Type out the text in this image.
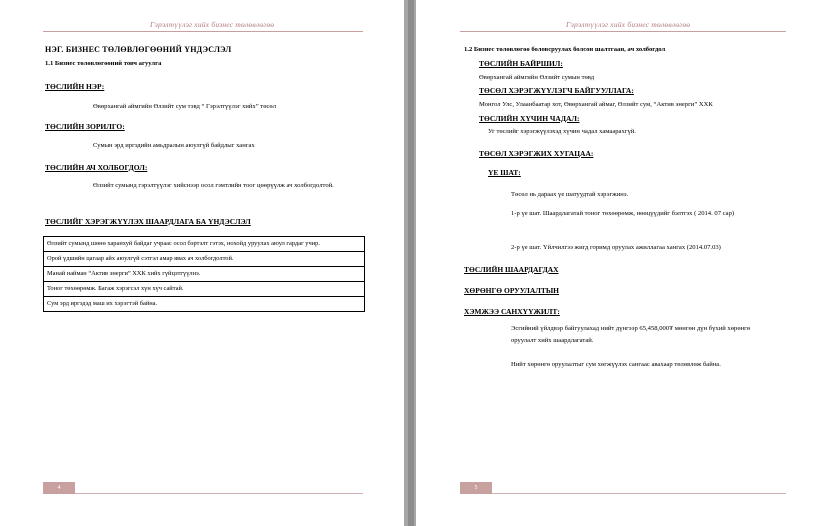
Гэрэлтүүлэг хийх бизнес төлөвлөгөө
НЭГ. БИЗНЕС ТӨЛӨВЛӨГӨӨНИЙ ҮНДЭСЛЭЛ
1.1 Бизнес төлөвлөгөөний товч агуулга
ТӨСЛИЙН НЭР:
Өвөрхангай аймгийн Өлзийт сум тэвд “ Гэрэлтүүлэг хийх” төсөл
ТӨСЛИЙН ЗОРИЛГО:
Сумын эрд иргэдийн амьдралын аюулгүй байдлыг хангах
ТӨСЛИЙН АЧ ХОЛБОГДОЛ:
Өлзийт сумынд гэрэлтүүлэг хийснээр осол гэмтлийн тоог цөөрүүлж ач холбогдолтой.
ТӨСЛИЙГ ХЭРЭГЖҮҮЛЭХ ШААРДЛАГА БА ҮНДЭСЛЭЛ
Өлзийт сумынд шөнө харанхуй байдаг учраас осол бэртэлт гэтэх, нохойд уруулах аюул гардаг учир.
Орой үдшийн цагаар айх аюулгүй сэтгэл амар явах ач холбогдолтой.
Манай найман “Актив энерги” ХХК хийх гүйцэтгүүлнэ.
Тоног төхөөрөмж. Багаж хэрэгсэл хүн хүч сайтай.
Сум эрд иргэдэд маш их хэрэгтэй байна.
4
Гэрэлтүүлэг хийх бизнес төлөвлөгөө
1.2 Бизнес төлөвлөгөө боловсруулах болсон шалтгаан, ач холбогдол
ТӨСЛИЙН БАЙРШИЛ:
Өвөрхангай аймгийн Өлзийт сумын төвд
ТӨСӨЛ ХЭРЭГЖҮҮЛЭГЧ БАЙГУУЛЛАГА:
Монгол Улс, Улаанбаатар хот, Өвөрхангай аймаг, Өлзийт сум, “Актив энерги” ХХК
ТӨСЛИЙН ХҮЧИН ЧАДАЛ:
Уг төслийг хэрэгжүүлэхэд хүчин чадал хамаарахгүй.
ТӨСӨЛ ХЭРЭГЖИХ ХУГАЦАА:
ҮЕ ШАТ:
Төсөл нь дараах үе шатуудтай хэрэгжинэ.
1-р үе шат. Шаардлагатай тоног төхөөрөмж, нөөцүүдийг бэлтгэх ( 2014. 07 сар)
2-р үе шат. Үйлчилгээ жигд горимд оруулах ажиллагаа хангах (2014.07.03)
ТӨСЛИЙН ШААРДАГДАХ
ХӨРӨНГӨ ОРУУЛАЛТЫН
ХЭМЖЭЭ САНХҮҮЖИЛТ:
Эсгийний үйлдвэр байгуулахад нийт дүнгээр 65,458,000₮ мөнгөн дүн бүхий хөрөнгө оруулалт хийх шаардлагатай.
Нийт хөрөнгө оруулалтыг сум хөгжүүлэх сангаас авахаар төлөвлөж байна.
5
